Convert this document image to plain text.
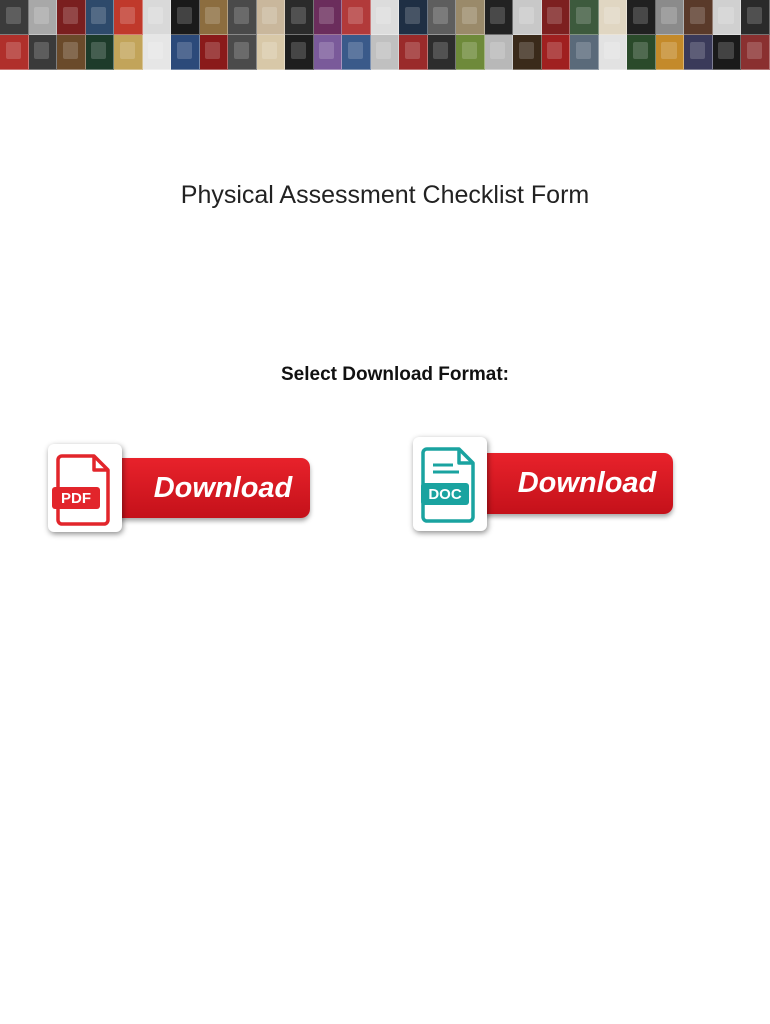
Physical Assessment Checklist Form

Select Download Format:

Download
PDF	Download
DOC
